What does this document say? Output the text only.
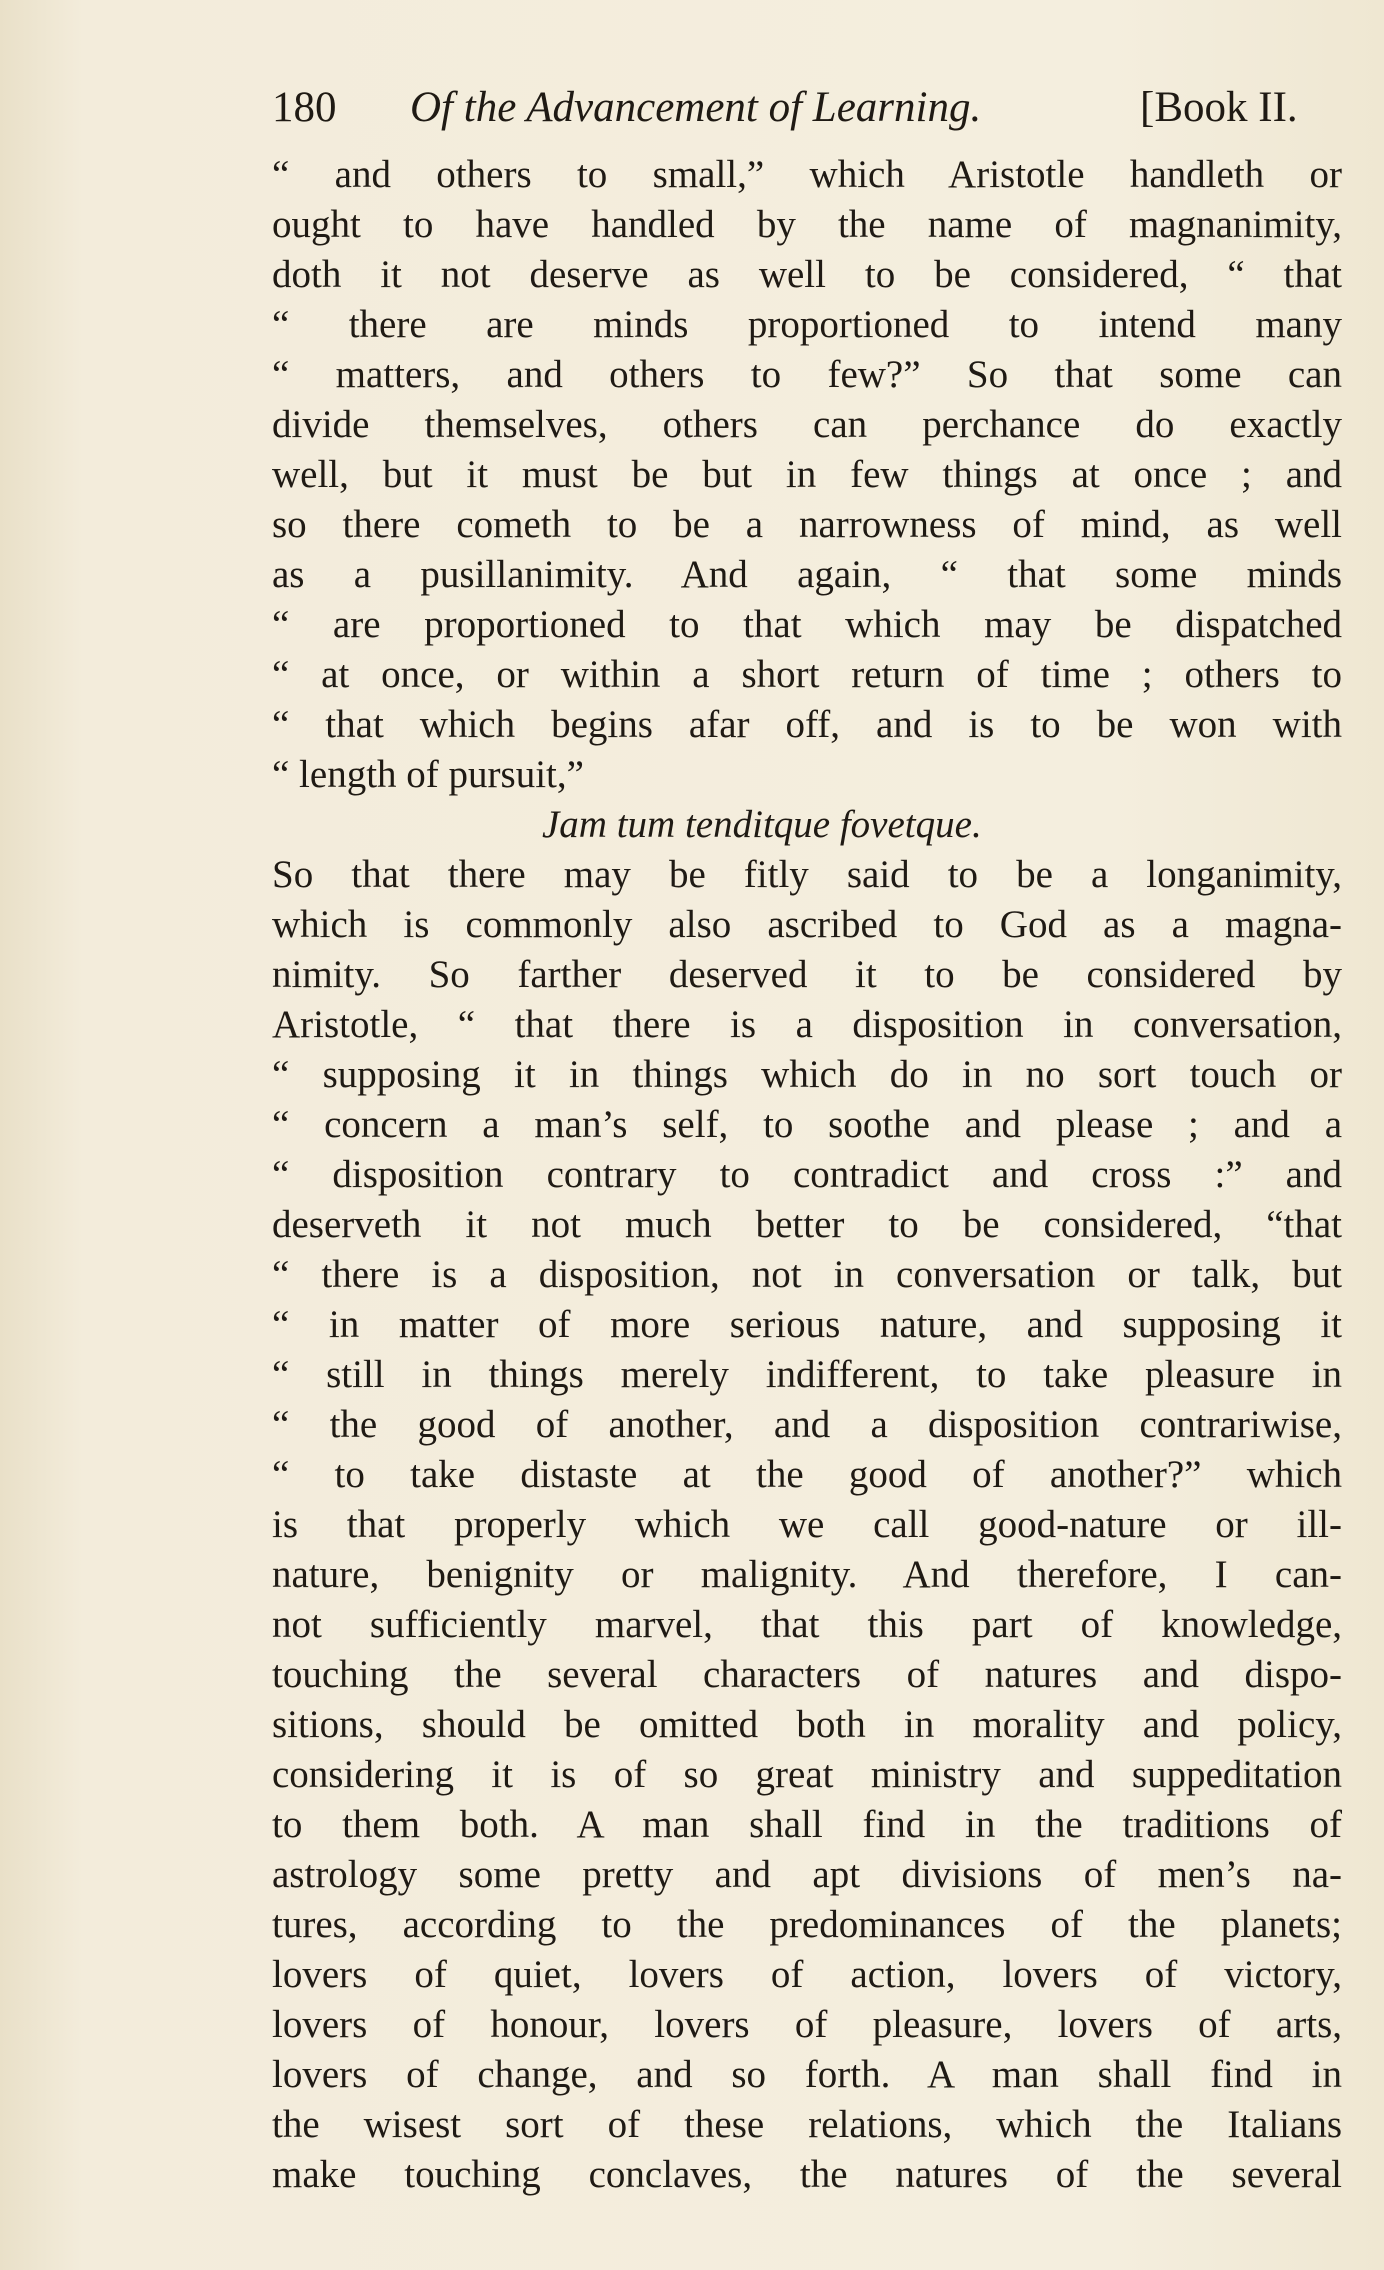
180 Of the Advancement of Learning.	[Book II.
“ and others to small,” which Aristotle handleth or
ought to have handled by the name of magnanimity,
doth it not deserve as well to be considered, “ that
“ there are minds proportioned to intend many
“ matters, and others to few?” So that some can
divide themselves, others can perchance do exactly
well, but it must be but in few things at once ; and
so there cometh to be a narrowness of mind, as well
as a pusillanimity. And again, “ that some minds
“ are proportioned to that which may be dispatched
“ at once, or within a short return of time ; others to
“ that which begins afar off, and is to be won with
“ length of pursuit,”
Jam tum tenditque fovetque.
So that there may be fitly said to be a longanimity,
which is commonly also ascribed to God as a magna-
nimity. So farther deserved it to be considered by
Aristotle, “ that there is a disposition in conversation,
“ supposing it in things which do in no sort touch or
“ concern a man’s self, to soothe and please ; and a
“ disposition contrary to contradict and cross :” and
deserveth it not much better to be considered, “that
“ there is a disposition, not in conversation or talk, but
“ in matter of more serious nature, and supposing it
“ still in things merely indifferent, to take pleasure in
“ the good of another, and a disposition contrariwise,
“ to take distaste at the good of another?” which
is that properly which we call good-nature or ill-
nature, benignity or malignity. And therefore, I can-
not sufficiently marvel, that this part of knowledge,
touching the several characters of natures and dispo-
sitions, should be omitted both in morality and policy,
considering it is of so great ministry and suppeditation
to them both. A man shall find in the traditions of
astrology some pretty and apt divisions of men’s na-
tures, according to the predominances of the planets;
lovers of quiet, lovers of action, lovers of victory,
lovers of honour, lovers of pleasure, lovers of arts,
lovers of change, and so forth. A man shall find in
the wisest sort of these relations, which the Italians
make touching conclaves, the natures of the several
